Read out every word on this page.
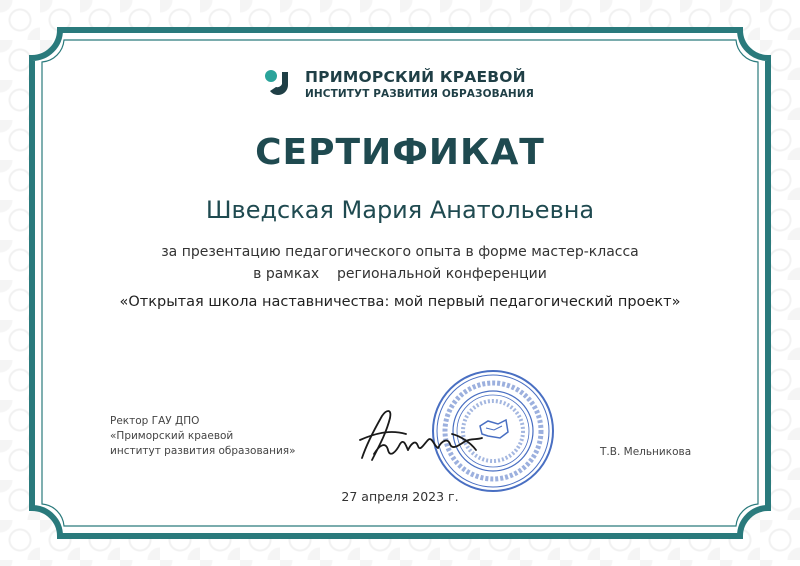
ПРИМОРСКИЙ КРАЕВОЙ
ИНСТИТУТ РАЗВИТИЯ ОБРАЗОВАНИЯ
СЕРТИФИКАТ
Шведская Мария Анатольевна
за презентацию педагогического опыта в форме мастер-класса
в рамках    региональной конференции
«Открытая школа наставничества: мой первый педагогический проект»
Ректор ГАУ ДПО
«Приморский краевой
институт развития образования»	Т.В. Мельникова
27 апреля 2023 г.
